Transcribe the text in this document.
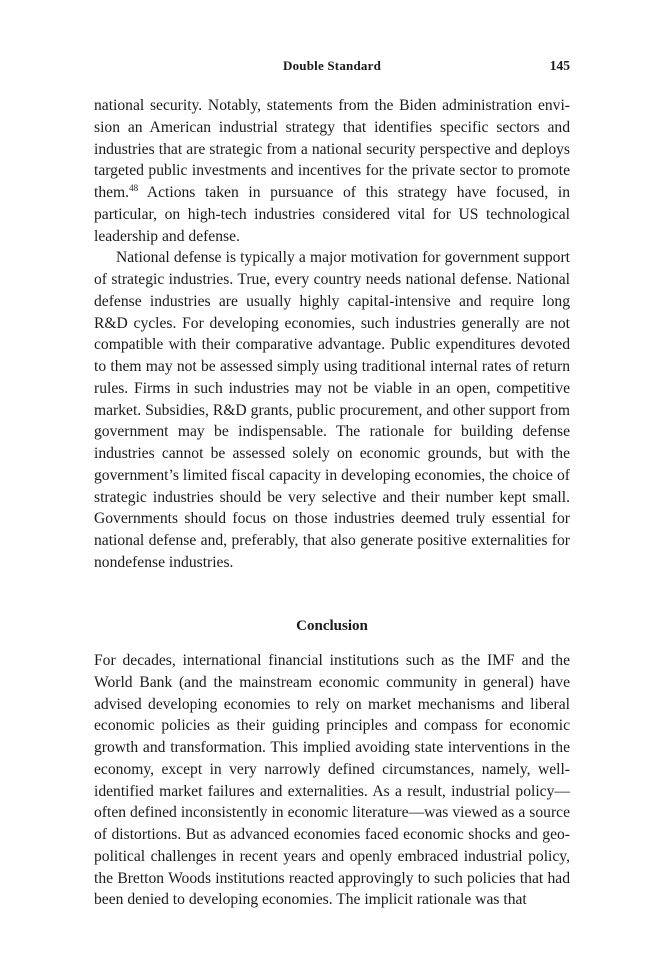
Double Standard	145

national security. Notably, statements from the Biden administration envision an American industrial strategy that identifies specific sectors and industries that are strategic from a national security perspective and deploys targeted public investments and incentives for the private sector to promote them.$^{48}$ Actions taken in pursuance of this strategy have focused, in particular, on high-tech industries considered vital for US technological leadership and defense.

National defense is typically a major motivation for government support of strategic industries. True, every country needs national defense. National defense industries are usually highly capital-intensive and require long R&D cycles. For developing economies, such industries generally are not compatible with their comparative advantage. Public expenditures devoted to them may not be assessed simply using traditional internal rates of return rules. Firms in such industries may not be viable in an open, competitive market. Subsidies, R&D grants, public procurement, and other support from government may be indispensable. The rationale for building defense industries cannot be assessed solely on economic grounds, but with the government’s limited fiscal capacity in developing economies, the choice of strategic industries should be very selective and their number kept small. Governments should focus on those industries deemed truly essential for national defense and, preferably, that also generate positive externalities for nondefense industries.

Conclusion

For decades, international financial institutions such as the IMF and the World Bank (and the mainstream economic community in general) have advised developing economies to rely on market mechanisms and liberal economic policies as their guiding principles and compass for economic growth and transformation. This implied avoiding state interventions in the economy, except in very narrowly defined circumstances, namely, well-identified market failures and externalities. As a result, industrial policy—often defined inconsistently in economic literature—was viewed as a source of distortions. But as advanced economies faced economic shocks and geopolitical challenges in recent years and openly embraced industrial policy, the Bretton Woods institutions reacted approvingly to such policies that had been denied to developing economies. The implicit rationale was that
